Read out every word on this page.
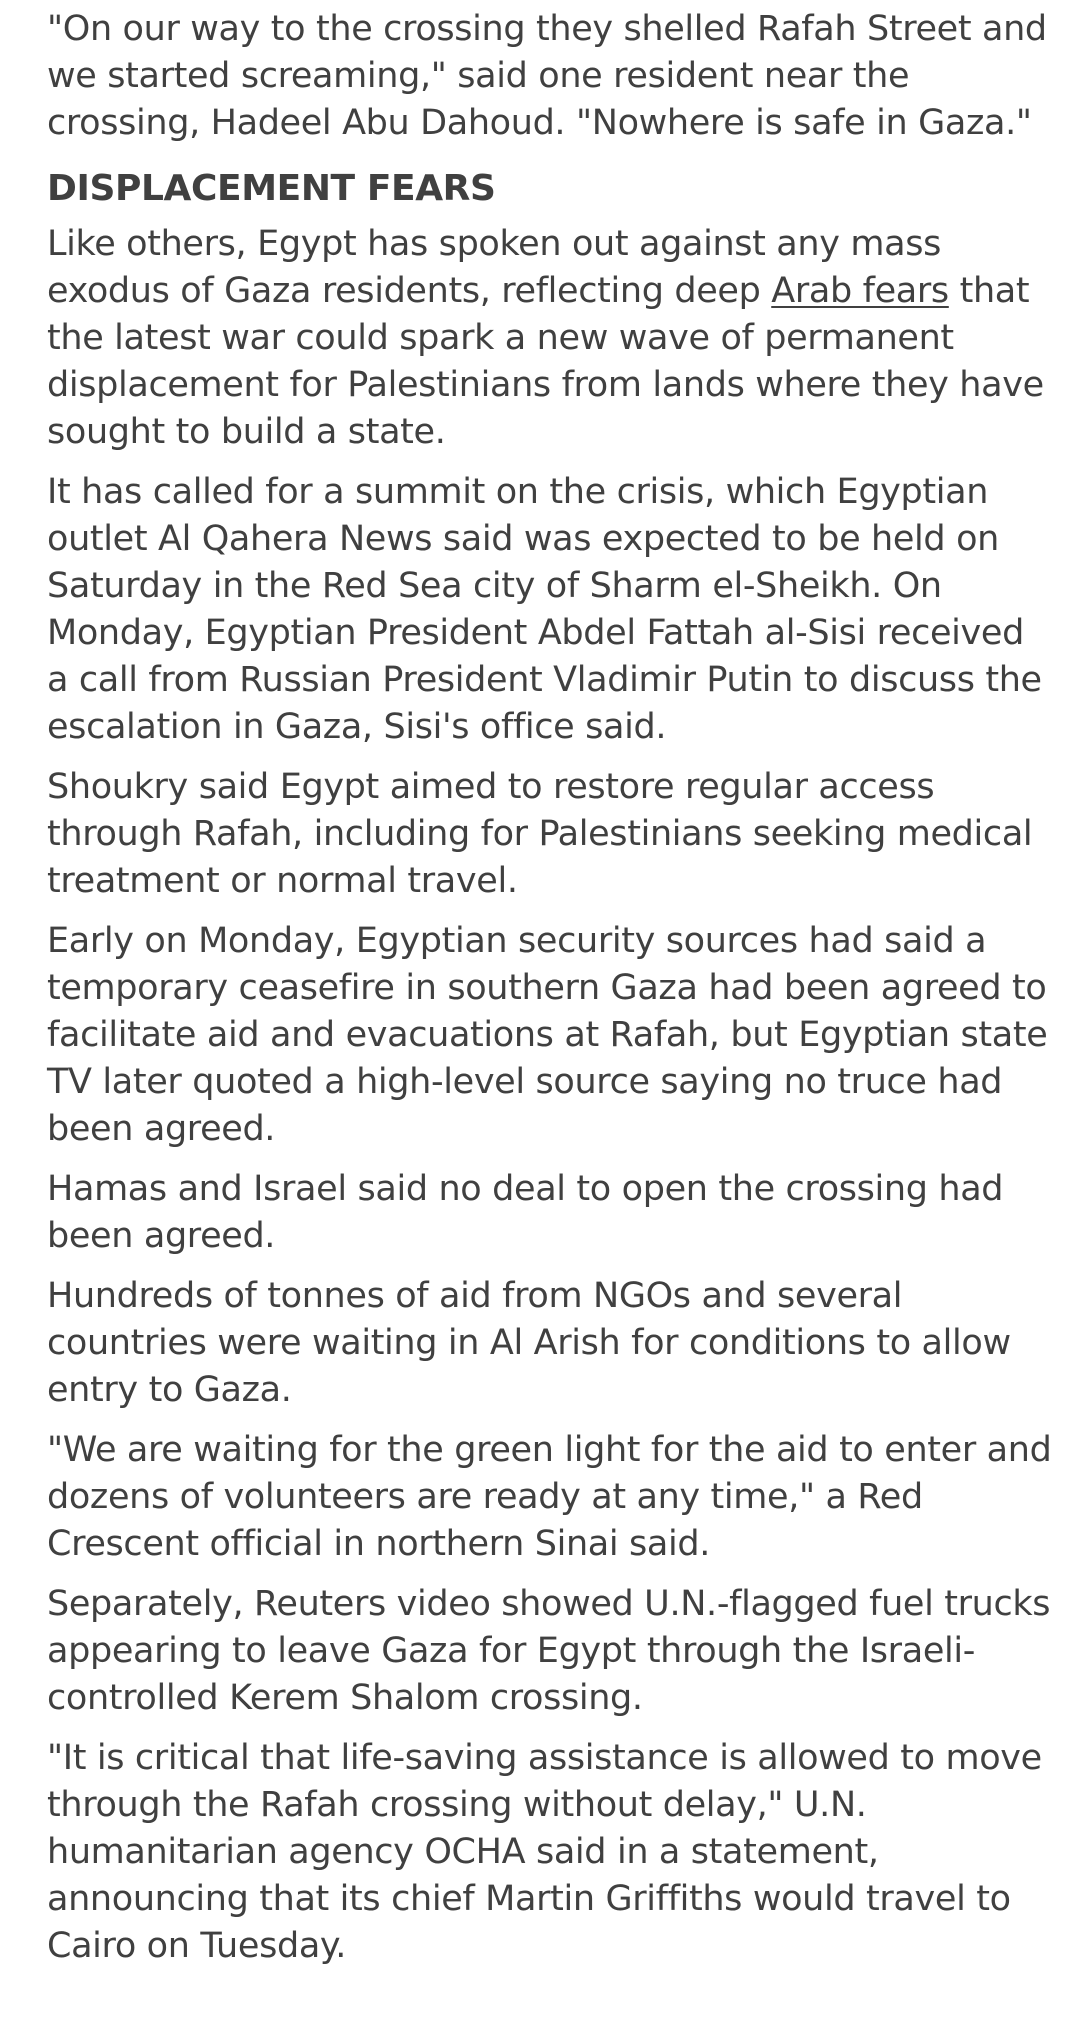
"On our way to the crossing they shelled Rafah Street and we started screaming," said one resident near the crossing, Hadeel Abu Dahoud. "Nowhere is safe in Gaza."

DISPLACEMENT FEARS

Like others, Egypt has spoken out against any mass exodus of Gaza residents, reflecting deep Arab fears that the latest war could spark a new wave of permanent displacement for Palestinians from lands where they have sought to build a state.

It has called for a summit on the crisis, which Egyptian outlet Al Qahera News said was expected to be held on Saturday in the Red Sea city of Sharm el-Sheikh. On Monday, Egyptian President Abdel Fattah al-Sisi received a call from Russian President Vladimir Putin to discuss the escalation in Gaza, Sisi's office said.

Shoukry said Egypt aimed to restore regular access through Rafah, including for Palestinians seeking medical treatment or normal travel.

Early on Monday, Egyptian security sources had said a temporary ceasefire in southern Gaza had been agreed to facilitate aid and evacuations at Rafah, but Egyptian state TV later quoted a high-level source saying no truce had been agreed.

Hamas and Israel said no deal to open the crossing had been agreed.

Hundreds of tonnes of aid from NGOs and several countries were waiting in Al Arish for conditions to allow entry to Gaza.

"We are waiting for the green light for the aid to enter and dozens of volunteers are ready at any time," a Red Crescent official in northern Sinai said.

Separately, Reuters video showed U.N.-flagged fuel trucks appearing to leave Gaza for Egypt through the Israeli-controlled Kerem Shalom crossing.

"It is critical that life-saving assistance is allowed to move through the Rafah crossing without delay," U.N. humanitarian agency OCHA said in a statement, announcing that its chief Martin Griffiths would travel to Cairo on Tuesday.
